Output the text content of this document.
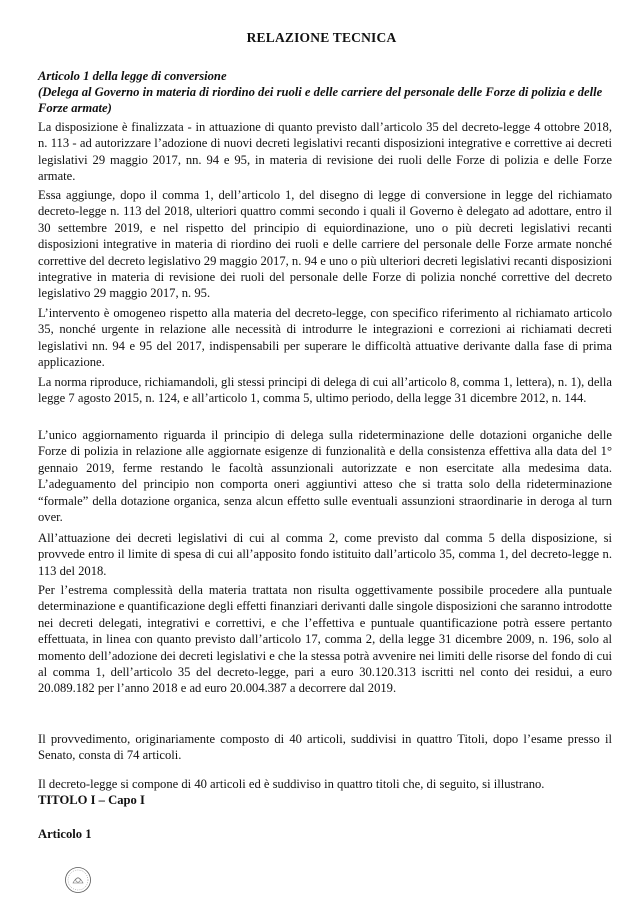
RELAZIONE TECNICA
Articolo 1 della legge di conversione
(Delega al Governo in materia di riordino dei ruoli e delle carriere del personale delle Forze di polizia e delle Forze armate)
La disposizione è finalizzata - in attuazione di quanto previsto dall’articolo 35 del decreto-legge 4 ottobre 2018, n. 113 - ad autorizzare l’adozione di nuovi decreti legislativi recanti disposizioni integrative e correttive ai decreti legislativi 29 maggio 2017, nn. 94 e 95, in materia di revisione dei ruoli delle Forze di polizia e delle Forze armate.
Essa aggiunge, dopo il comma 1, dell’articolo 1, del disegno di legge di conversione in legge del richiamato decreto-legge n. 113 del 2018, ulteriori quattro commi secondo i quali il Governo è delegato ad adottare, entro il 30 settembre 2019, e nel rispetto del principio di equiordinazione, uno o più decreti legislativi recanti disposizioni integrative in materia di riordino dei ruoli e delle carriere del personale delle Forze armate nonché correttive del decreto legislativo 29 maggio 2017, n. 94 e uno o più ulteriori decreti legislativi recanti disposizioni integrative in materia di revisione dei ruoli del personale delle Forze di polizia nonché correttive del decreto legislativo 29 maggio 2017, n. 95.
L’intervento è omogeneo rispetto alla materia del decreto-legge, con specifico riferimento al richiamato articolo 35, nonché urgente in relazione alle necessità di introdurre le integrazioni e correzioni ai richiamati decreti legislativi nn. 94 e 95 del 2017, indispensabili per superare le difficoltà attuative derivante dalla fase di prima applicazione.
La norma riproduce, richiamandoli, gli stessi principi di delega di cui all’articolo 8, comma 1, lettera), n. 1), della legge 7 agosto 2015, n. 124, e all’articolo 1, comma 5, ultimo periodo, della legge 31 dicembre 2012, n. 144.
L’unico aggiornamento riguarda il principio di delega sulla rideterminazione delle dotazioni organiche delle Forze di polizia in relazione alle aggiornate esigenze di funzionalità e della consistenza effettiva alla data del 1° gennaio 2019, ferme restando le facoltà assunzionali autorizzate e non esercitate alla medesima data. L’adeguamento del principio non comporta oneri aggiuntivi atteso che si tratta solo della rideterminazione “formale” della dotazione organica, senza alcun effetto sulle eventuali assunzioni straordinarie in deroga al turn over.
All’attuazione dei decreti legislativi di cui al comma 2, come previsto dal comma 5 della disposizione, si provvede entro il limite di spesa di cui all’apposito fondo istituito dall’articolo 35, comma 1, del decreto-legge n. 113 del 2018.
Per l’estrema complessità della materia trattata non risulta oggettivamente possibile procedere alla puntuale determinazione e quantificazione degli effetti finanziari derivanti dalle singole disposizioni che saranno introdotte nei decreti delegati, integrativi e correttivi, e che l’effettiva e puntuale quantificazione potrà essere pertanto effettuata, in linea con quanto previsto dall’articolo 17, comma 2, della legge 31 dicembre 2009, n. 196, solo al momento dell’adozione dei decreti legislativi e che la stessa potrà avvenire nei limiti delle risorse del fondo di cui al comma 1, dell’articolo 35 del decreto-legge, pari a euro 30.120.313 iscritti nel conto dei residui, a euro 20.089.182 per l’anno 2018 e ad euro 20.004.387 a decorrere dal 2019.
Il provvedimento, originariamente composto di 40 articoli, suddivisi in quattro Titoli, dopo l’esame presso il Senato, consta di 74 articoli.
Il decreto-legge si compone di 40 articoli ed è suddiviso in quattro titoli che, di seguito, si illustrano.
TITOLO I – Capo I
Articolo 1
